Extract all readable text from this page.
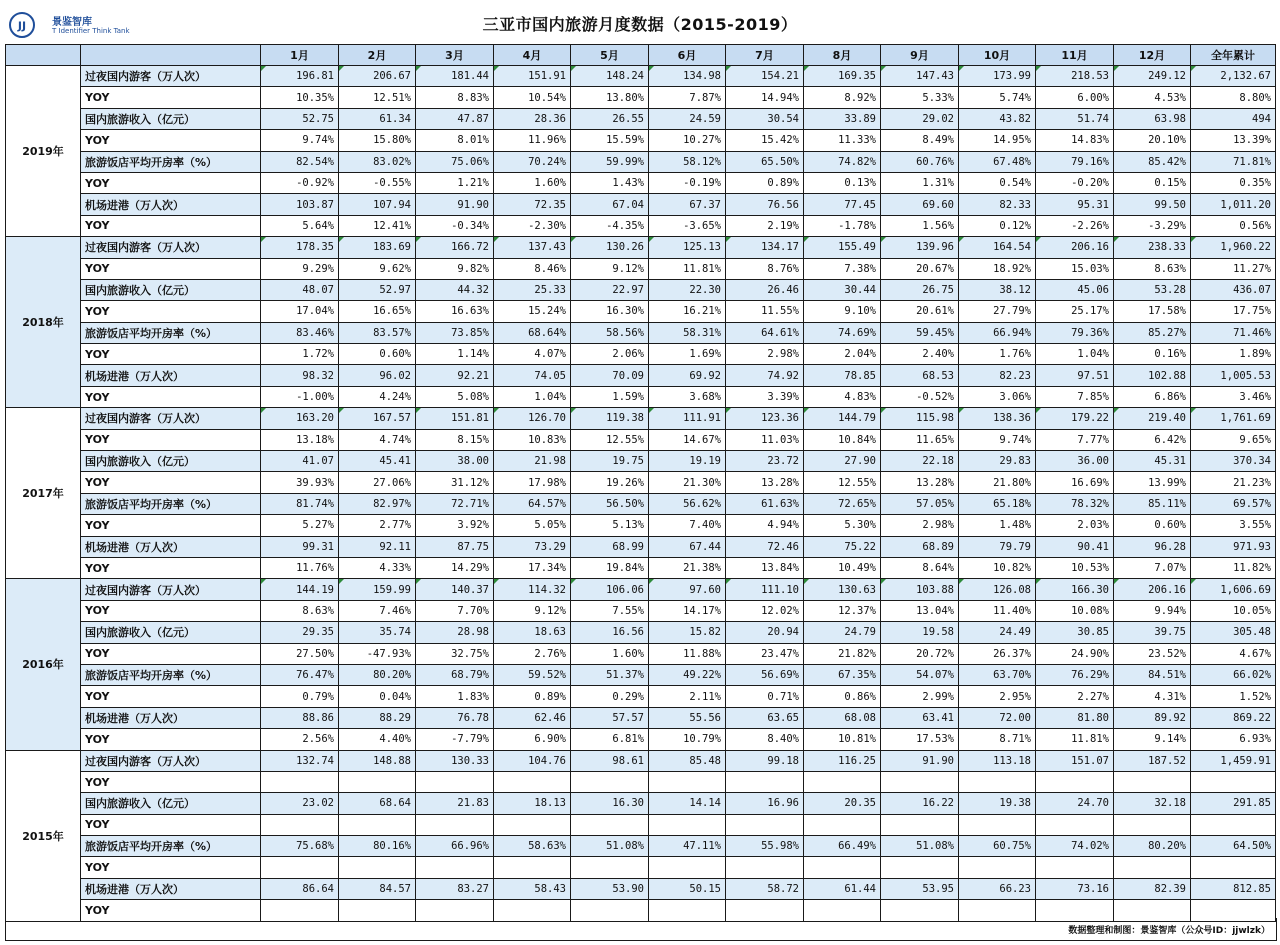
JJ	景鉴智库
T Identifier Think Tank	三亚市国内旅游月度数据（2015-2019）
		1月	2月	3月	4月	5月	6月	7月	8月	9月	10月	11月	12月	全年累计
2019年	过夜国内游客（万人次）	196.81	206.67	181.44	151.91	148.24	134.98	154.21	169.35	147.43	173.99	218.53	249.12	2,132.67
	YOY	10.35%	12.51%	8.83%	10.54%	13.80%	7.87%	14.94%	8.92%	5.33%	5.74%	6.00%	4.53%	8.80%
	国内旅游收入（亿元）	52.75	61.34	47.87	28.36	26.55	24.59	30.54	33.89	29.02	43.82	51.74	63.98	494
	YOY	9.74%	15.80%	8.01%	11.96%	15.59%	10.27%	15.42%	11.33%	8.49%	14.95%	14.83%	20.10%	13.39%
	旅游饭店平均开房率（%）	82.54%	83.02%	75.06%	70.24%	59.99%	58.12%	65.50%	74.82%	60.76%	67.48%	79.16%	85.42%	71.81%
	YOY	-0.92%	-0.55%	1.21%	1.60%	1.43%	-0.19%	0.89%	0.13%	1.31%	0.54%	-0.20%	0.15%	0.35%
	机场进港（万人次）	103.87	107.94	91.90	72.35	67.04	67.37	76.56	77.45	69.60	82.33	95.31	99.50	1,011.20
	YOY	5.64%	12.41%	-0.34%	-2.30%	-4.35%	-3.65%	2.19%	-1.78%	1.56%	0.12%	-2.26%	-3.29%	0.56%
2018年	过夜国内游客（万人次）	178.35	183.69	166.72	137.43	130.26	125.13	134.17	155.49	139.96	164.54	206.16	238.33	1,960.22
	YOY	9.29%	9.62%	9.82%	8.46%	9.12%	11.81%	8.76%	7.38%	20.67%	18.92%	15.03%	8.63%	11.27%
	国内旅游收入（亿元）	48.07	52.97	44.32	25.33	22.97	22.30	26.46	30.44	26.75	38.12	45.06	53.28	436.07
	YOY	17.04%	16.65%	16.63%	15.24%	16.30%	16.21%	11.55%	9.10%	20.61%	27.79%	25.17%	17.58%	17.75%
	旅游饭店平均开房率（%）	83.46%	83.57%	73.85%	68.64%	58.56%	58.31%	64.61%	74.69%	59.45%	66.94%	79.36%	85.27%	71.46%
	YOY	1.72%	0.60%	1.14%	4.07%	2.06%	1.69%	2.98%	2.04%	2.40%	1.76%	1.04%	0.16%	1.89%
	机场进港（万人次）	98.32	96.02	92.21	74.05	70.09	69.92	74.92	78.85	68.53	82.23	97.51	102.88	1,005.53
	YOY	-1.00%	4.24%	5.08%	1.04%	1.59%	3.68%	3.39%	4.83%	-0.52%	3.06%	7.85%	6.86%	3.46%
2017年	过夜国内游客（万人次）	163.20	167.57	151.81	126.70	119.38	111.91	123.36	144.79	115.98	138.36	179.22	219.40	1,761.69
	YOY	13.18%	4.74%	8.15%	10.83%	12.55%	14.67%	11.03%	10.84%	11.65%	9.74%	7.77%	6.42%	9.65%
	国内旅游收入（亿元）	41.07	45.41	38.00	21.98	19.75	19.19	23.72	27.90	22.18	29.83	36.00	45.31	370.34
	YOY	39.93%	27.06%	31.12%	17.98%	19.26%	21.30%	13.28%	12.55%	13.28%	21.80%	16.69%	13.99%	21.23%
	旅游饭店平均开房率（%）	81.74%	82.97%	72.71%	64.57%	56.50%	56.62%	61.63%	72.65%	57.05%	65.18%	78.32%	85.11%	69.57%
	YOY	5.27%	2.77%	3.92%	5.05%	5.13%	7.40%	4.94%	5.30%	2.98%	1.48%	2.03%	0.60%	3.55%
	机场进港（万人次）	99.31	92.11	87.75	73.29	68.99	67.44	72.46	75.22	68.89	79.79	90.41	96.28	971.93
	YOY	11.76%	4.33%	14.29%	17.34%	19.84%	21.38%	13.84%	10.49%	8.64%	10.82%	10.53%	7.07%	11.82%
2016年	过夜国内游客（万人次）	144.19	159.99	140.37	114.32	106.06	97.60	111.10	130.63	103.88	126.08	166.30	206.16	1,606.69
	YOY	8.63%	7.46%	7.70%	9.12%	7.55%	14.17%	12.02%	12.37%	13.04%	11.40%	10.08%	9.94%	10.05%
	国内旅游收入（亿元）	29.35	35.74	28.98	18.63	16.56	15.82	20.94	24.79	19.58	24.49	30.85	39.75	305.48
	YOY	27.50%	-47.93%	32.75%	2.76%	1.60%	11.88%	23.47%	21.82%	20.72%	26.37%	24.90%	23.52%	4.67%
	旅游饭店平均开房率（%）	76.47%	80.20%	68.79%	59.52%	51.37%	49.22%	56.69%	67.35%	54.07%	63.70%	76.29%	84.51%	66.02%
	YOY	0.79%	0.04%	1.83%	0.89%	0.29%	2.11%	0.71%	0.86%	2.99%	2.95%	2.27%	4.31%	1.52%
	机场进港（万人次）	88.86	88.29	76.78	62.46	57.57	55.56	63.65	68.08	63.41	72.00	81.80	89.92	869.22
	YOY	2.56%	4.40%	-7.79%	6.90%	6.81%	10.79%	8.40%	10.81%	17.53%	8.71%	11.81%	9.14%	6.93%
2015年	过夜国内游客（万人次）	132.74	148.88	130.33	104.76	98.61	85.48	99.18	116.25	91.90	113.18	151.07	187.52	1,459.91
	YOY													
	国内旅游收入（亿元）	23.02	68.64	21.83	18.13	16.30	14.14	16.96	20.35	16.22	19.38	24.70	32.18	291.85
	YOY													
	旅游饭店平均开房率（%）	75.68%	80.16%	66.96%	58.63%	51.08%	47.11%	55.98%	66.49%	51.08%	60.75%	74.02%	80.20%	64.50%
	YOY													
	机场进港（万人次）	86.64	84.57	83.27	58.43	53.90	50.15	58.72	61.44	53.95	66.23	73.16	82.39	812.85
	YOY													
数据整理和制图：景鉴智库（公众号ID：jjwlzk）
